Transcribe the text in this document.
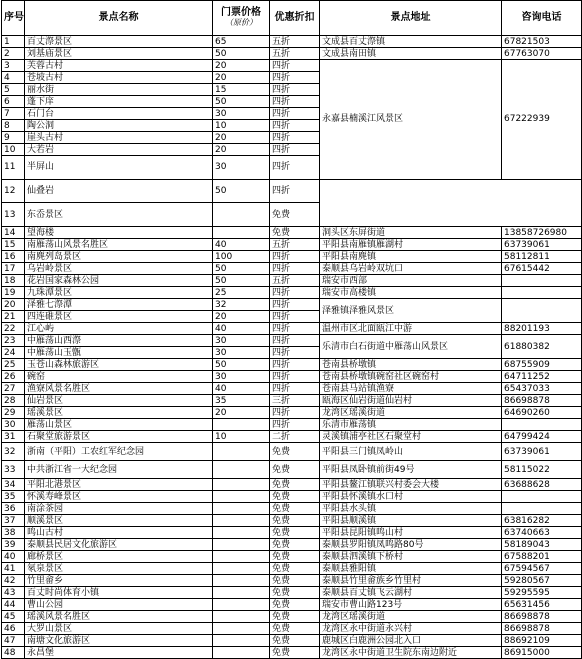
序号	景点名称	门票价格
（原价）	优惠折扣	景点地址	咨询电话	
1	百丈漈景区	65	五折	文成县百丈漈镇	67821503	
2	刘基庙景区	50	五折	文成县南田镇	67763070	
3	芙蓉古村	20	四折	永嘉县楠溪江风景区	67222939	
4	苍坡古村	20	四折			
5	丽水街	15	四折			
6	蓬下庠	50	四折			
7	石门台	30	四折			
8	陶公洞	10	四折			
9	崖头古村	20	四折			
10	大若岩	20	四折			
11	半屏山	30	四折		
12	仙叠岩	50	四折			
13	东岙景区		免费			
14	望海楼		免费	洞头区东屏街道	13858726980	
15	南雁荡山风景名胜区	40	五折	平阳县南雁镇雁湖村	63739061	
16	南麂列岛景区	100	四折	平阳县南麂镇	58112811	
17	乌岩岭景区	50	四折	泰顺县乌岩岭双坑口	67615442	
18	花岩国家森林公园	50	五折	瑞安市西部		
19	九珠潭景区	25	四折	瑞安市高楼镇		
20	泽雅七漈潭	32	四折	泽雅镇泽雅风景区		
21	四连碓景区	20	四折			
22	江心屿	40	四折	温州市区北面瓯江中游	88201193	
23	中雁荡山西漈	30	四折	乐清市白石街道中雁荡山风景区	61880382	
24	中雁荡山玉甑	30	四折			
25	玉苍山森林旅游区	50	四折	苍南县桥墩镇	68755909	
26	碗窑	30	四折	苍南县桥墩镇碗窑社区碗窑村	64711252	
27	渔寮风景名胜区	40	四折	苍南县马站镇渔寮	65437033	
28	仙岩景区	35	三折	瓯海区仙岩街道仙岩村	86698878	
29	瑶溪景区	20	四折	龙湾区瑶溪街道	64690260	
30	雁荡山景区		四折	乐清市雁荡镇		
31	石聚堂旅游景区	10	二折	灵溪镇浦亭社区石聚堂村	64799424	
32	浙南（平阳）工农红军纪念园		免费	平阳县三门镇凤岭山	63739061	
33	中共浙江省一大纪念园		免费	平阳县凤卧镇前街49号	58115022	
34	平阳北港景区		免费	平阳县鳌江镇联兴村委会大楼	63688628	
35	怀溪寿峰景区		免费	平阳县怀溪镇水口村		
36	南涂茶园		免费	平阳县水头镇		
37	顺溪景区		免费	平阳县顺溪镇	63816282	
38	鸣山古村		免费	平阳县昆阳镇鸣山村	63740663	
39	泰顺县民居文化旅游区		免费	泰顺县罗阳镇凤鸣路80号	58189043	
40	廊桥景区		免费	泰顺县泗溪镇下桥村	67588201	
41	氡泉景区		免费	泰顺县雅阳镇	67594567	
42	竹里畲乡		免费	泰顺县竹里畲族乡竹里村	59280567	
43	百丈时尚体育小镇		免费	泰顺县百丈镇飞云湖村	59295595	
44	曹山公园		免费	瑞安市曹山路123号	65631456	
45	瑶溪风景名胜区		免费	龙湾区瑶溪街道	86698878	
46	大罗山景区		免费	龙湾区永中街道永兴村	86698878	
47	南塘文化旅游区		免费	鹿城区白鹿洲公园北入口	88692109	
48	永昌堡		免费	龙湾区永中街道卫生院东南边附近	86915000	
